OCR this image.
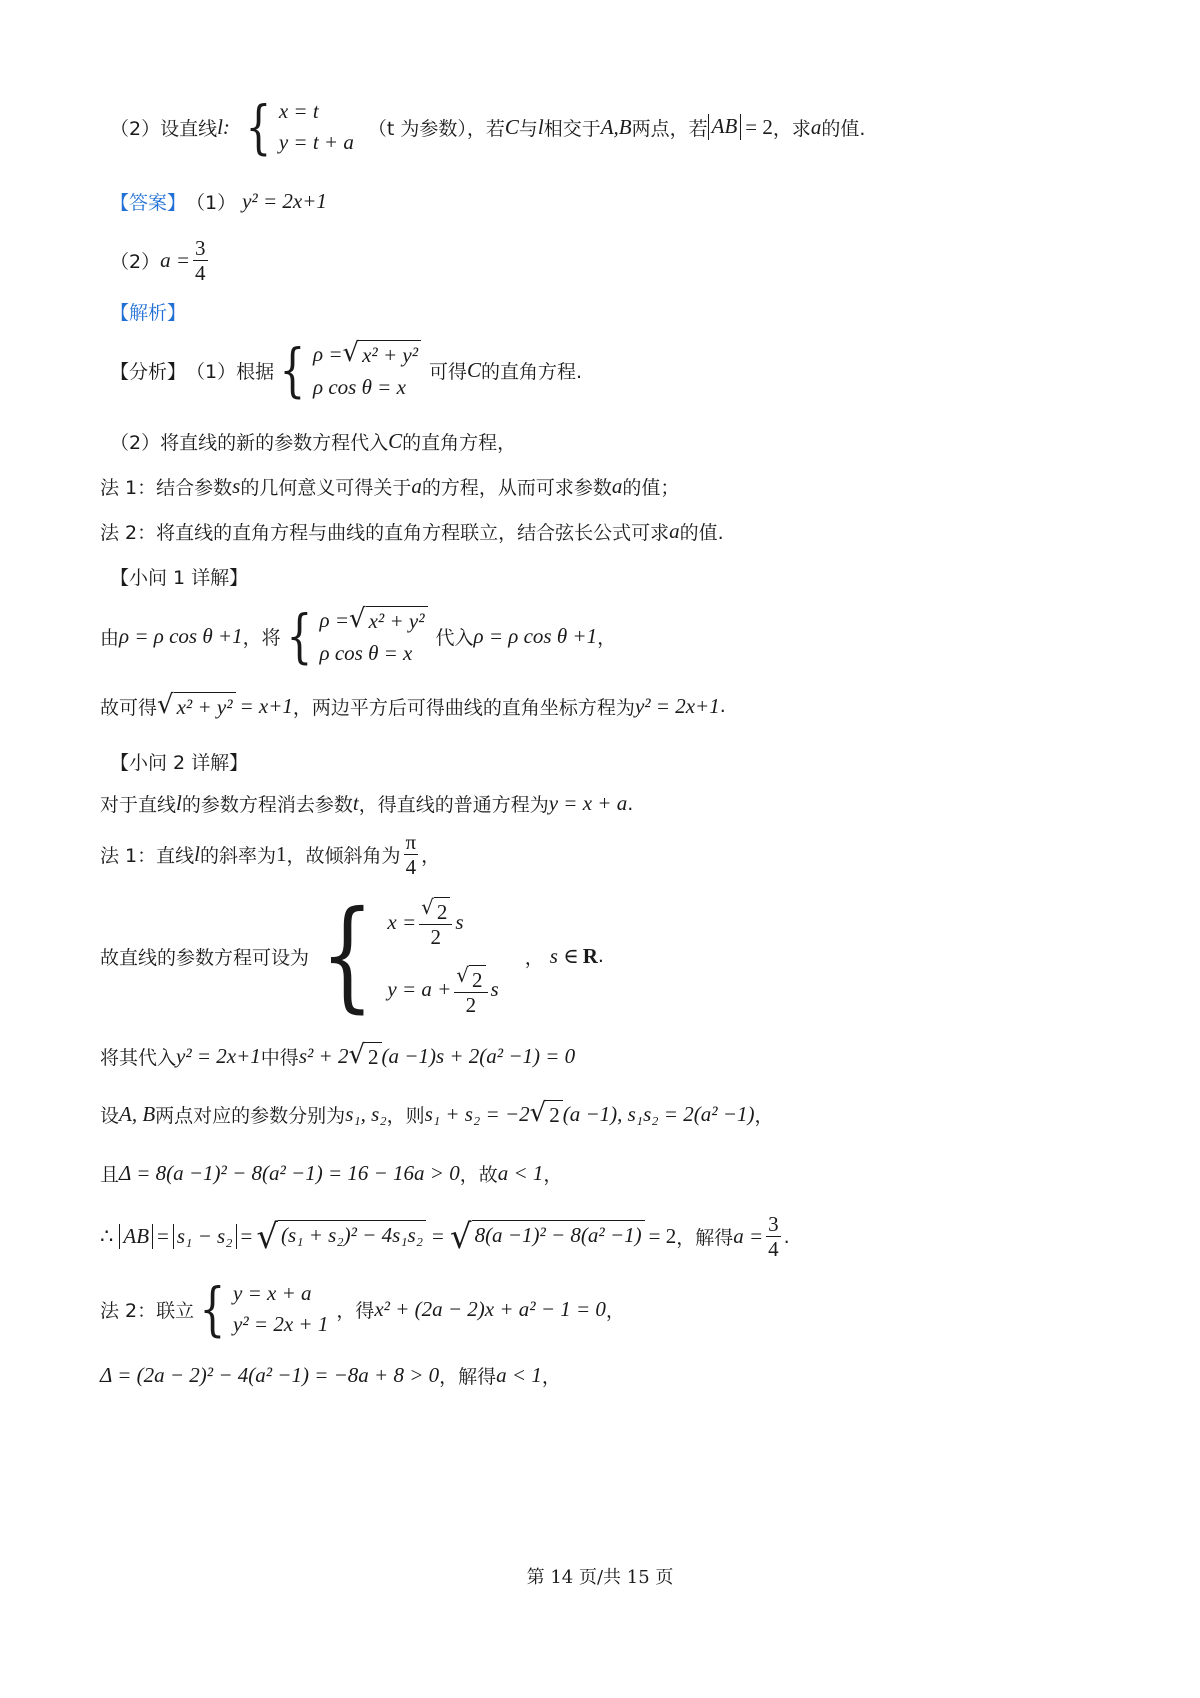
（2）设直线 l: { x = t
y = t + a
（t 为参数），若 C 与 l 相交于 A,B 两点，若 AB = 2 ，求 a 的值.
【答案】 （1） y² = 2x+1
（2） $a = \frac{3}{4}$
【解析】
【分析】 （1）根据 { ρ = √ x² + y²
ρ cos θ = x
可得 C 的直角方程.
（2）将直线的新的参数方程代入 C 的直角方程，
法 1：结合参数 s 的几何意义可得关于 a 的方程，从而可求参数 a 的值；
法 2：将直线的直角方程与曲线的直角方程联立，结合弦长公式可求 a 的值.
【小问 1 详解】
由 ρ = ρ cos θ +1 ，将 { ρ = √ x² + y²
ρ cos θ = x
代入 ρ = ρ cos θ +1 ，
故可得 √ x² + y² = x+1 ，两边平方后可得曲线的直角坐标方程为 y² = 2x+1 .
【小问 2 详解】
对于直线 l 的参数方程消去参数 t ，得直线的普通方程为 y = x + a .
法 1：直线 l 的斜率为 1 ，故倾斜角为 $\frac{\pi}{4}$ ，
故直线的参数方程可设为 { $x = \frac{√ 2}{2}$ s
$y = a + \frac{√ 2}{2}$ s
， s ∈ R .
将其代入 y² = 2x+1 中得 s² + 2 √ 2 (a −1)s + 2(a² −1) = 0
设 A, B 两点对应的参数分别为 s₁, s₂ ，则 s₁ + s₂ = −2 √ 2 (a −1), s₁s₂ = 2(a² −1) ，
且 Δ = 8(a −1)² − 8(a² −1) = 16 − 16a > 0 ，故 a < 1 ，
∴ AB = s₁ − s₂ = √ (s₁ + s₂)² − 4s₁s₂ = √ 8(a −1)² − 8(a² −1) = 2 ，解得 $a = \frac{3}{4}$ .
法 2：联立 { y = x + a
y² = 2x + 1
，得 x² + (2a − 2)x + a² − 1 = 0 ，
Δ = (2a − 2)² − 4(a² −1) = −8a + 8 > 0 ，解得 a < 1 ，
第 14 页/共 15 页
